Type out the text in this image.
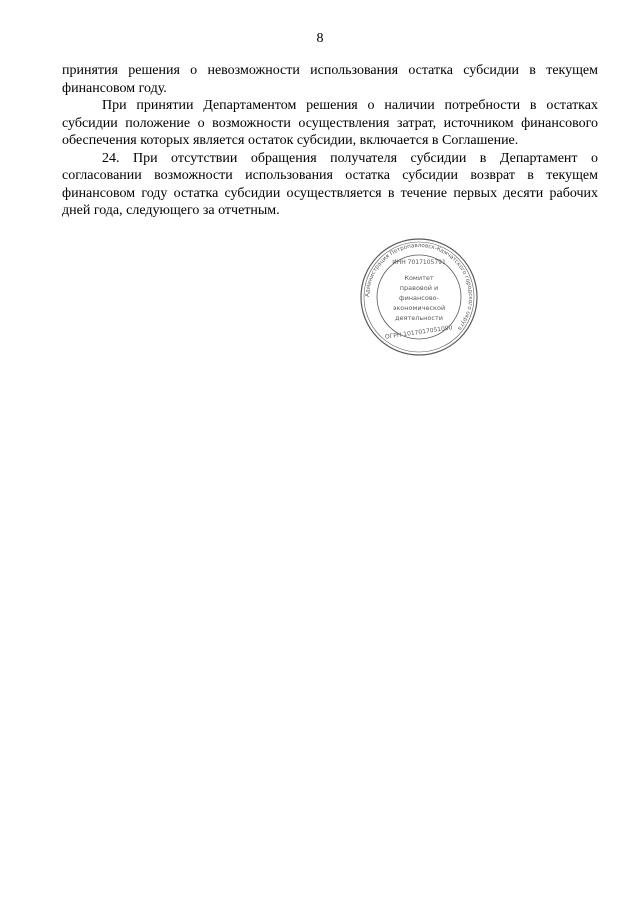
8

принятия решения о невозможности использования остатка субсидии в текущем финансовом году.

При принятии Департаментом решения о наличии потребности в остатках субсидии положение о возможности осуществления затрат, источником финансового обеспечения которых является остаток субсидии, включается в Соглашение.

24. При отсутствии обращения получателя субсидии в Департамент о согласовании возможности использования остатка субсидии возврат в текущем финансовом году остатка субсидии осуществляется в течение первых десяти рабочих дней года, следующего за отчетным.

Администрация Петропавловск-Камчатского городского округа
ИНН 7017105791
Комитет
правовой и
финансово-
экономической
деятельности
ОГРН 1017017051090
